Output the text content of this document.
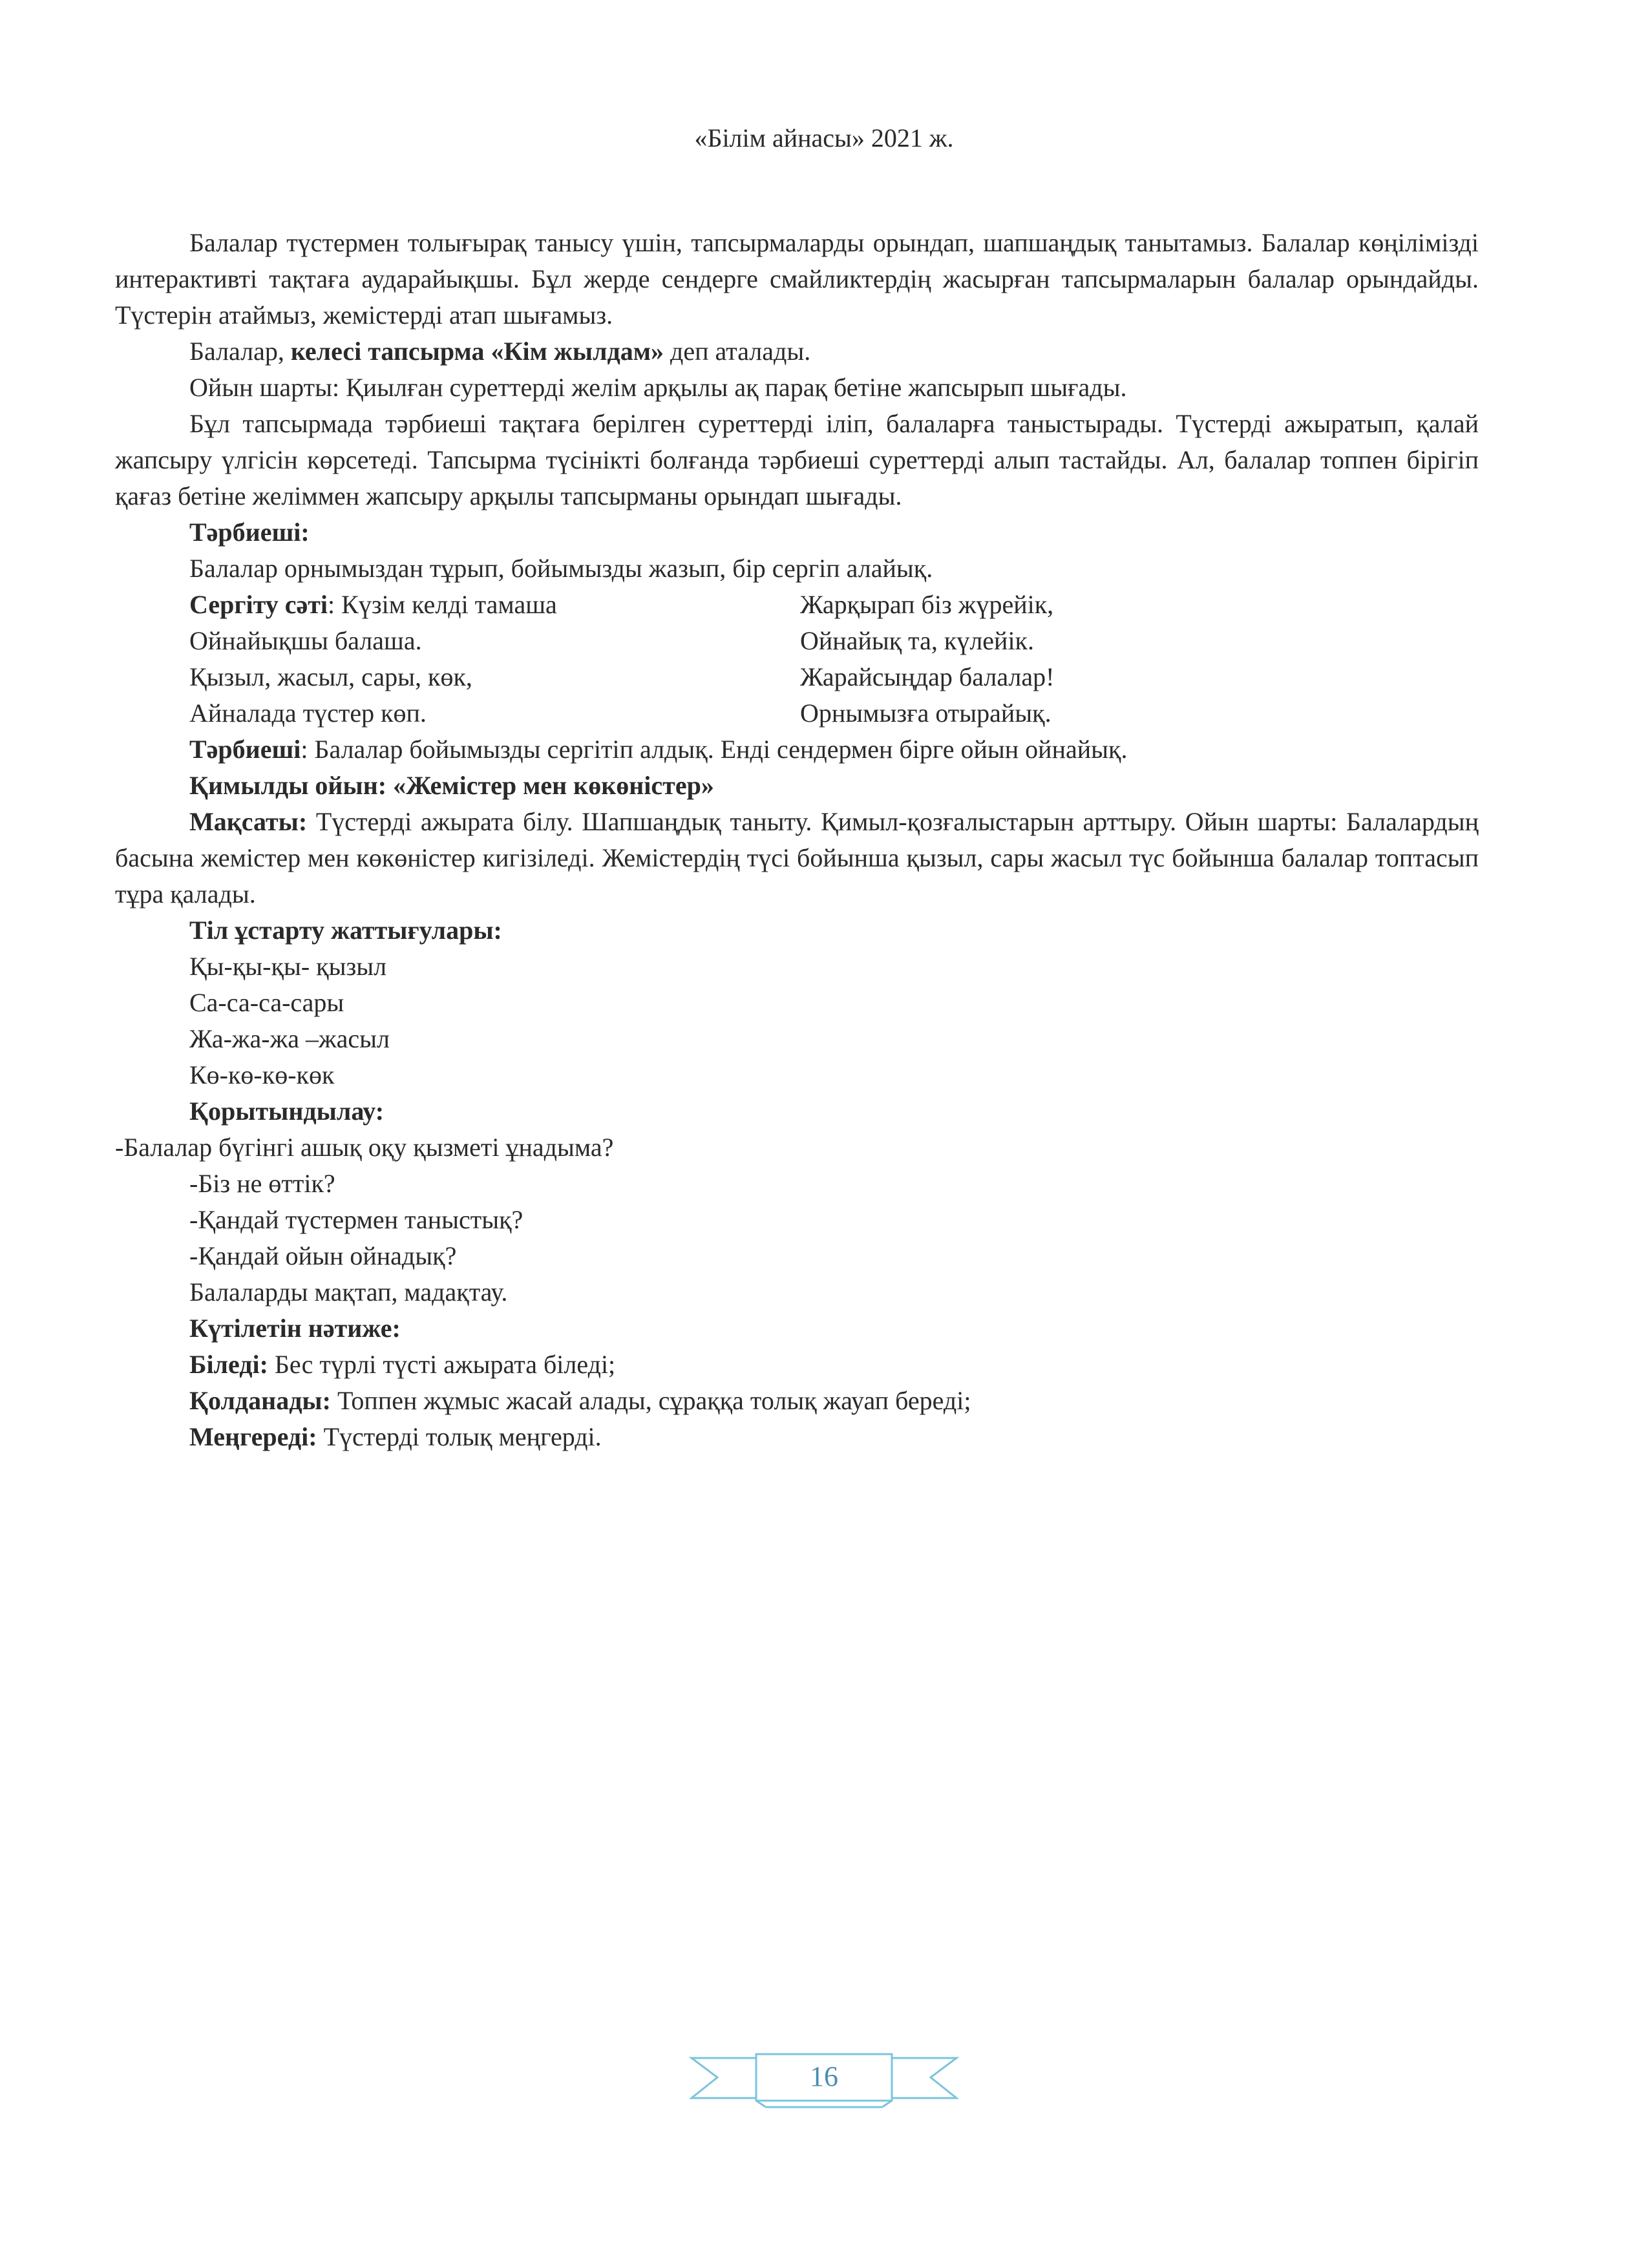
«Білім айнасы» 2021 ж.

Балалар түстермен толығырақ танысу үшін, тапсырмаларды орындап, шапшаңдық танытамыз. Балалар көңілімізді интерактивті тақтаға аударайықшы. Бұл жерде сендерге смайликтердің жасырған тапсырмаларын балалар орындайды. Түстерін атаймыз, жемістерді атап шығамыз.

Балалар, келесі тапсырма «Кім жылдам» деп аталады.

Ойын шарты: Қиылған суреттерді желім арқылы ақ парақ бетіне жапсырып шығады.

Бұл тапсырмада тәрбиеші тақтаға берілген суреттерді іліп, балаларға таныстырады. Түстерді ажыратып, қалай жапсыру үлгісін көрсетеді. Тапсырма түсінікті болғанда тәрбиеші суреттерді алып тастайды. Ал, балалар топпен бірігіп қағаз бетіне желіммен жапсыру арқылы тапсырманы орындап шығады.

Тәрбиеші:

Балалар орнымыздан тұрып, бойымызды жазып, бір сергіп алайық.

Сергіту сәті: Күзім келді тамаша

Ойнайықшы балаша.

Қызыл, жасыл, сары, көк,

Айналада түстер көп.

Жарқырап біз жүрейік,

Ойнайық та, күлейік.

Жарайсыңдар балалар!

Орнымызға отырайық.

Тәрбиеші: Балалар бойымызды сергітіп алдық. Енді сендермен бірге ойын ойнайық.

Қимылды ойын: «Жемістер мен көкөністер»

Мақсаты: Түстерді ажырата білу. Шапшаңдық таныту. Қимыл-қозғалыстарын арттыру. Ойын шарты: Балалардың басына жемістер мен көкөністер кигізіледі. Жемістердің түсі бойынша қызыл, сары жасыл түс бойынша балалар топтасып тұра қалады.

Тіл ұстарту жаттығулары:

Қы-қы-қы- қызыл

Са-са-са-сары

Жа-жа-жа –жасыл

Кө-кө-кө-көк

Қорытындылау:

-Балалар бүгінгі ашық оқу қызметі ұнадыма?

-Біз не өттік?

-Қандай түстермен таныстық?

-Қандай ойын ойнадық?

Балаларды мақтап, мадақтау.

Күтілетін нәтиже:

Біледі: Бес түрлі түсті ажырата біледі;

Қолданады: Топпен жұмыс жасай алады, сұраққа толық жауап береді;

Меңгереді: Түстерді толық меңгерді.

16
